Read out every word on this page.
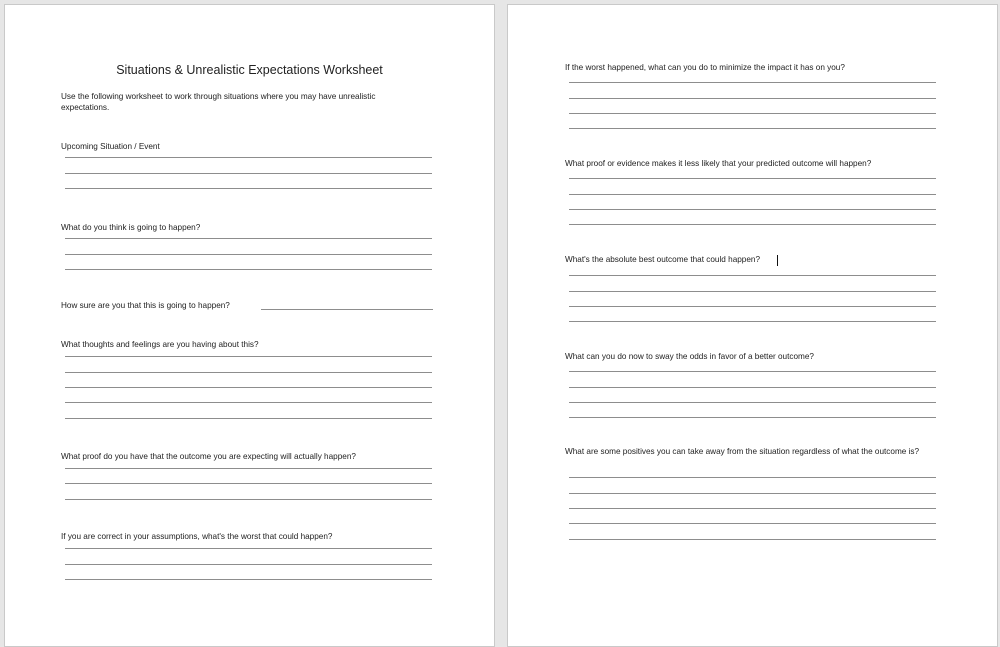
Situations & Unrealistic Expectations Worksheet
Use the following worksheet to work through situations where you may have unrealistic expectations.
Upcoming Situation / Event
What do you think is going to happen?
How sure are you that this is going to happen?
What thoughts and feelings are you having about this?
What proof do you have that the outcome you are expecting will actually happen?
If you are correct in your assumptions, what's the worst that could happen?
If the worst happened, what can you do to minimize the impact it has on you?
What proof or evidence makes it less likely that your predicted outcome will happen?
What's the absolute best outcome that could happen?
What can you do now to sway the odds in favor of a better outcome?
What are some positives you can take away from the situation regardless of what the outcome is?
